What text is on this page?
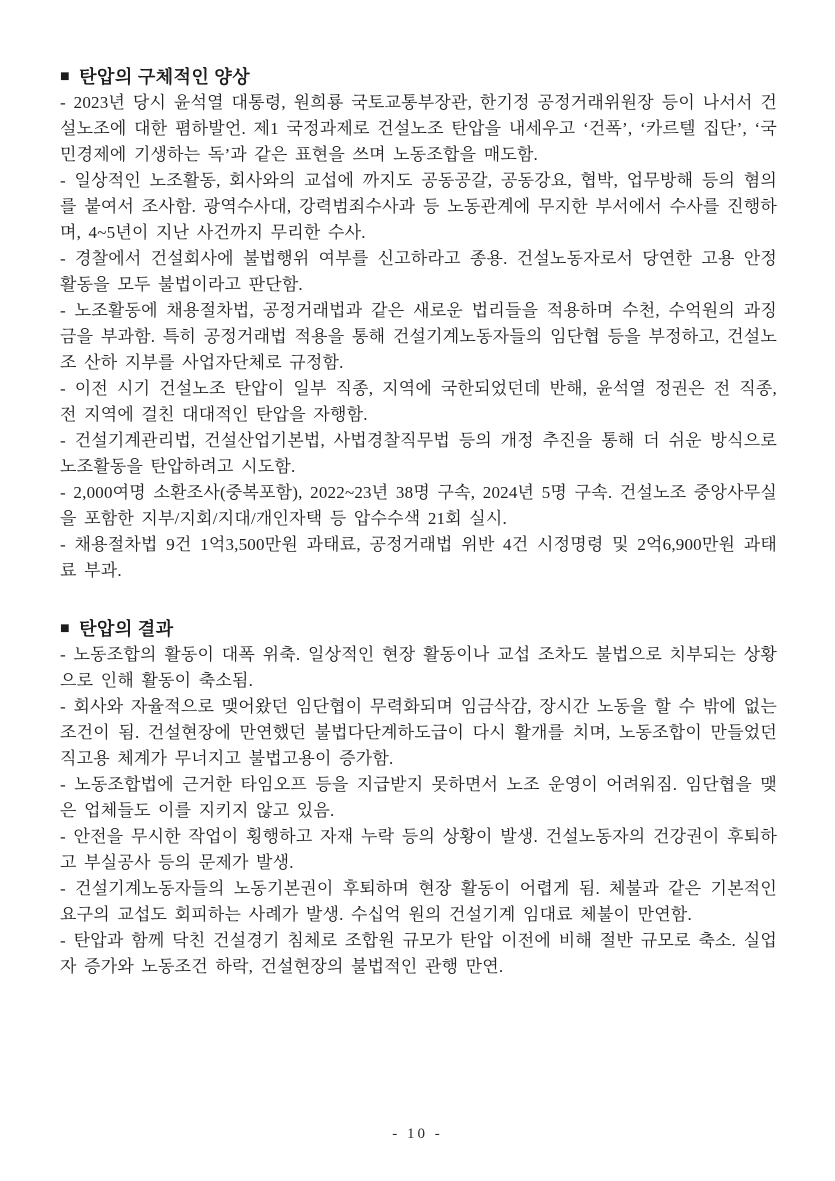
■ 탄압의 구체적인 양상

- 2023년 당시 윤석열 대통령, 원희룡 국토교통부장관, 한기정 공정거래위원장 등이 나서서 건설노조에 대한 폄하발언. 제1 국정과제로 건설노조 탄압을 내세우고 ‘건폭’, ‘카르텔 집단’, ‘국민경제에 기생하는 독’과 같은 표현을 쓰며 노동조합을 매도함.

- 일상적인 노조활동, 회사와의 교섭에 까지도 공동공갈, 공동강요, 협박, 업무방해 등의 혐의를 붙여서 조사함. 광역수사대, 강력범죄수사과 등 노동관계에 무지한 부서에서 수사를 진행하며, 4~5년이 지난 사건까지 무리한 수사.

- 경찰에서 건설회사에 불법행위 여부를 신고하라고 종용. 건설노동자로서 당연한 고용 안정 활동을 모두 불법이라고 판단함.

- 노조활동에 채용절차법, 공정거래법과 같은 새로운 법리들을 적용하며 수천, 수억원의 과징금을 부과함. 특히 공정거래법 적용을 통해 건설기계노동자들의 임단협 등을 부정하고, 건설노조 산하 지부를 사업자단체로 규정함.

- 이전 시기 건설노조 탄압이 일부 직종, 지역에 국한되었던데 반해, 윤석열 정권은 전 직종, 전 지역에 걸친 대대적인 탄압을 자행함.

- 건설기계관리법, 건설산업기본법, 사법경찰직무법 등의 개정 추진을 통해 더 쉬운 방식으로 노조활동을 탄압하려고 시도함.

- 2,000여명 소환조사(중복포함), 2022~23년 38명 구속, 2024년 5명 구속. 건설노조 중앙사무실을 포함한 지부/지회/지대/개인자택 등 압수수색 21회 실시.

- 채용절차법 9건 1억3,500만원 과태료, 공정거래법 위반 4건 시정명령 및 2억6,900만원 과태료 부과.

■ 탄압의 결과

- 노동조합의 활동이 대폭 위축. 일상적인 현장 활동이나 교섭 조차도 불법으로 치부되는 상황으로 인해 활동이 축소됨.

- 회사와 자율적으로 맺어왔던 임단협이 무력화되며 임금삭감, 장시간 노동을 할 수 밖에 없는 조건이 됨. 건설현장에 만연했던 불법다단계하도급이 다시 활개를 치며, 노동조합이 만들었던 직고용 체계가 무너지고 불법고용이 증가함.

- 노동조합법에 근거한 타임오프 등을 지급받지 못하면서 노조 운영이 어려워짐. 임단협을 맺은 업체들도 이를 지키지 않고 있음.

- 안전을 무시한 작업이 횡행하고 자재 누락 등의 상황이 발생. 건설노동자의 건강권이 후퇴하고 부실공사 등의 문제가 발생.

- 건설기계노동자들의 노동기본권이 후퇴하며 현장 활동이 어렵게 됨. 체불과 같은 기본적인 요구의 교섭도 회피하는 사례가 발생. 수십억 원의 건설기계 임대료 체불이 만연함.

- 탄압과 함께 닥친 건설경기 침체로 조합원 규모가 탄압 이전에 비해 절반 규모로 축소. 실업자 증가와 노동조건 하락, 건설현장의 불법적인 관행 만연.

- 10 -
